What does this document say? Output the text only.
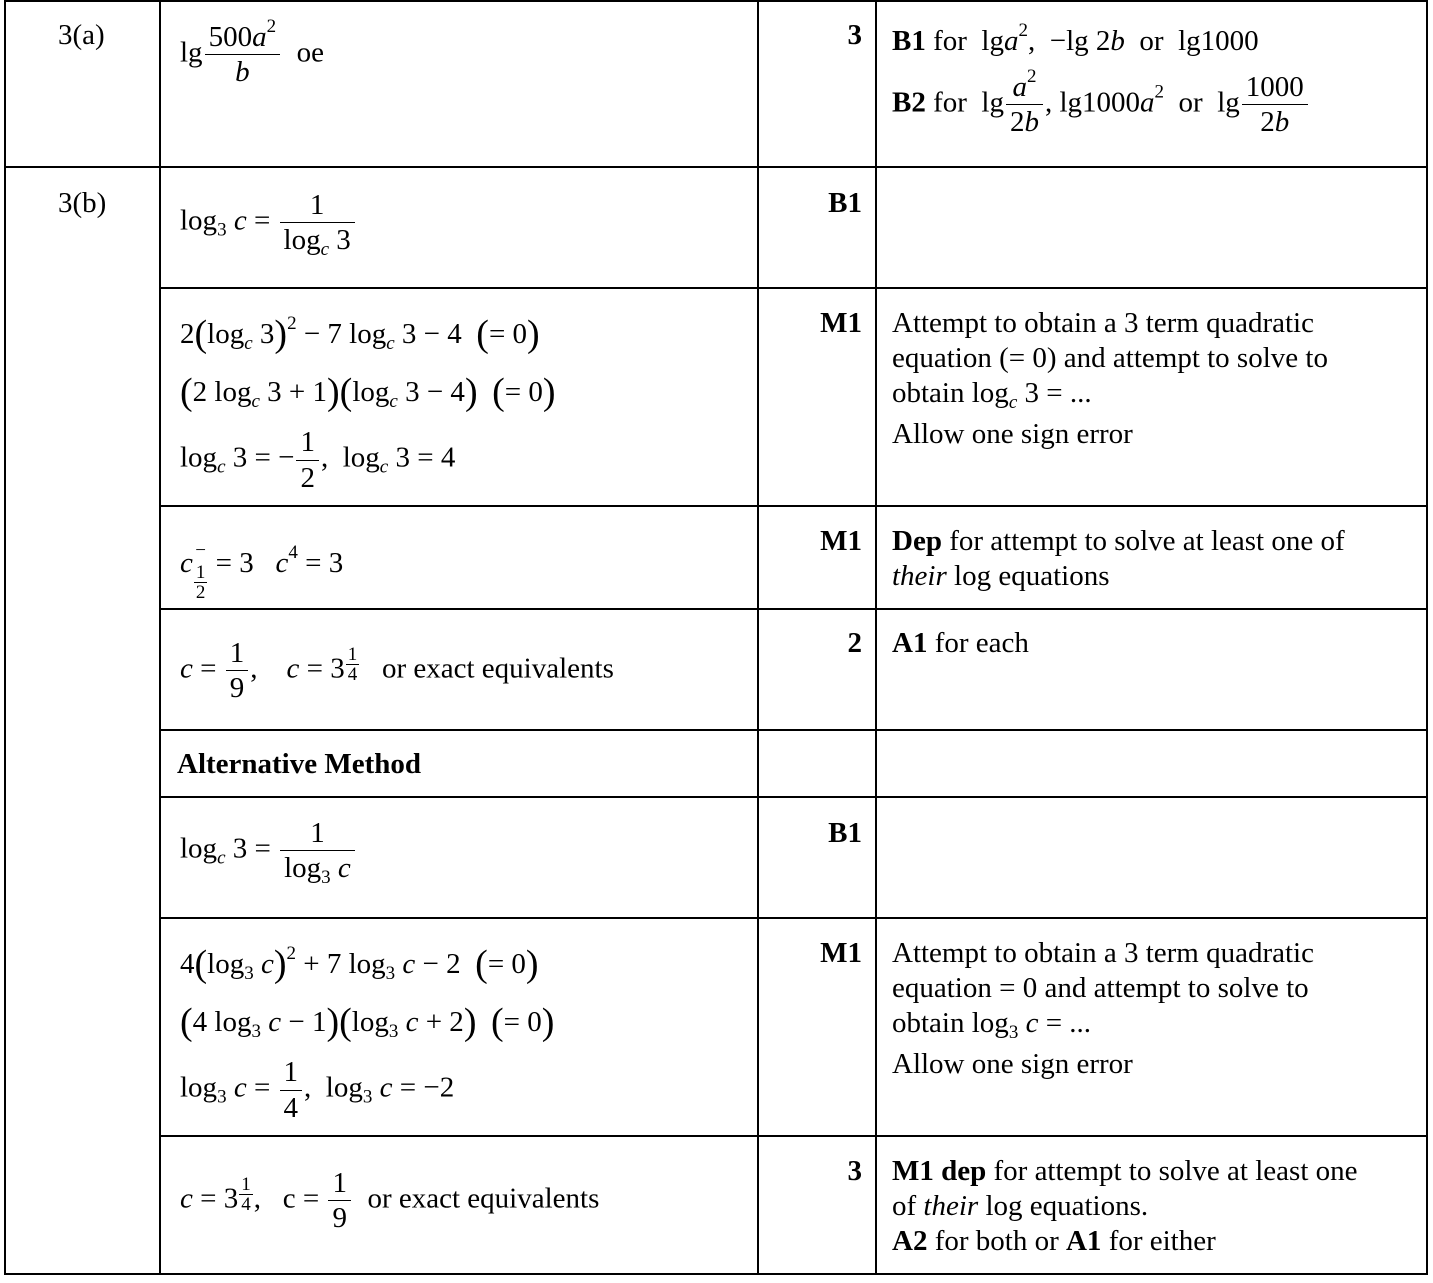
3(a)
$\lg \frac{500a^2}{b}$ oe
3 B1 for  lga$^2$,  −lg 2b or  lg1000
B2 for  $\lg \frac{a^2}{2b}$ , $\lg 1000a^2$ or  $\lg \frac{1000}{2b}$
3(b)
$\log_3 c = \frac{1}{\log_c 3}$	B1
$2(\log_c$ 3)$^2$ − 7 $\log_c 3 - 4$  (= 0)
(2 $\log_c 3 + 1)(\log_c$ 3 − 4) (= 0)
$\log_c 3$ = − $\frac{1}{2}$ ,  $\log_c 3 = 4$
M1 Attempt to obtain a 3 term quadratic
equation (= 0) and attempt to solve to
obtain $\log_c 3$ = ...
Allow one sign error
c −
$\frac{1}{2} = 3$   $c^4 = 3$
M1 Dep for attempt to solve at least one of
their log equations
$c = \frac{1}{9}$ ,    $c = 3 \frac{1}{4}$ or exact equivalents
2 A1 for each
Alternative Method
$\log_c 3 = \frac{1}{\log_3 c}$	B1
$4(\log_3$ c)$^2$ + 7 $\log_3 c - 2$  (= 0)
(4 $\log_3 c - 1)(\log_3$ c + 2) (= 0)
$\log_3 c = \frac{1}{4}$ ,  $\log_3 c = -2$
M1 Attempt to obtain a 3 term quadratic
equation = 0 and attempt to solve to
obtain $\log_3 c$ = ...
Allow one sign error
$c = 3 \frac{1}{4}$ ,   $c = \frac{1}{9}$ or exact equivalents
3 M1 dep for attempt to solve at least one
of their log equations.
A2 for both or A1 for either
